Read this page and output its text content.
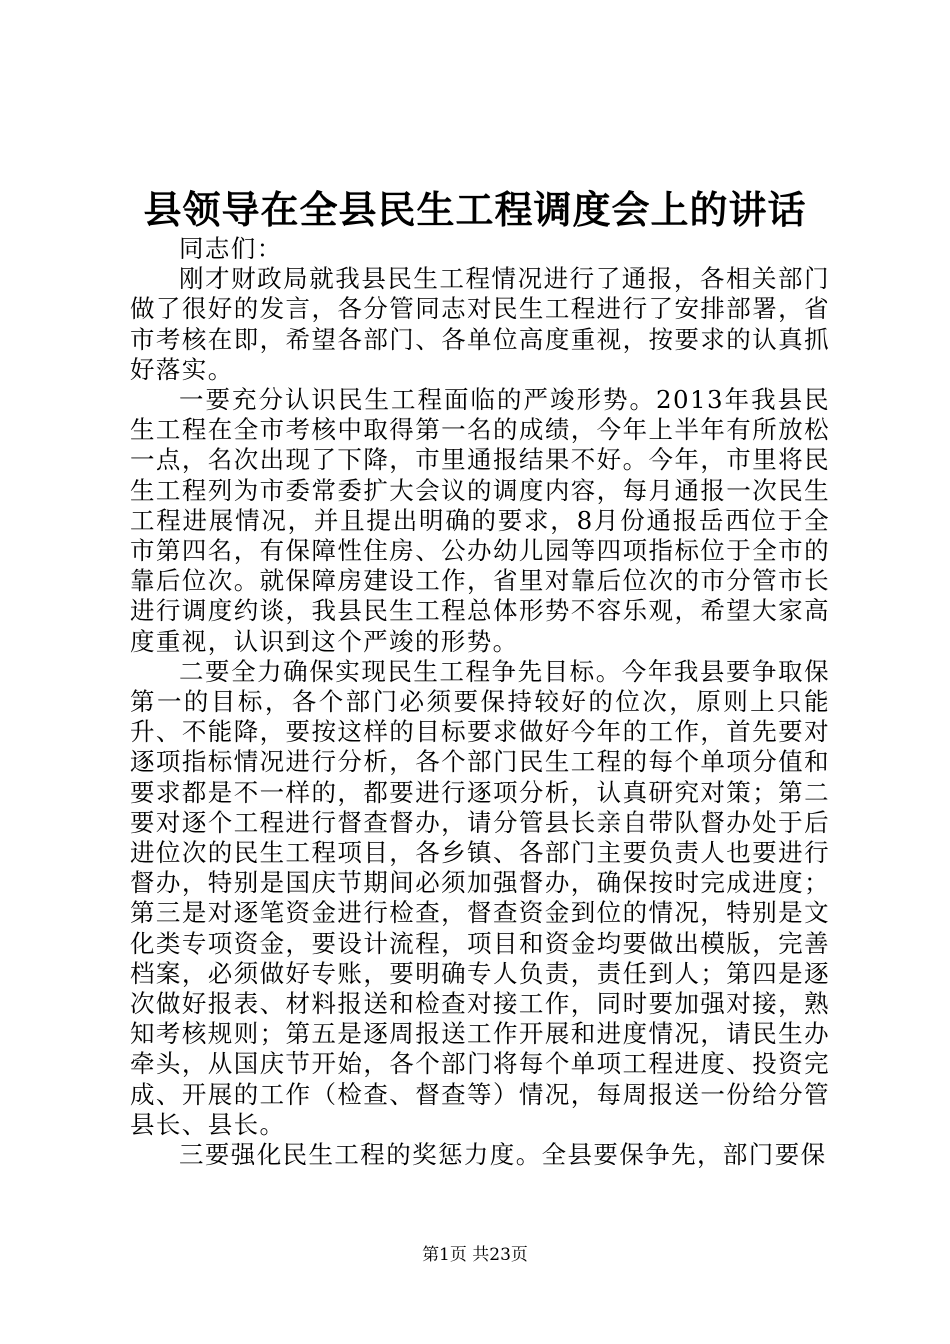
县领导在全县民生工程调度会上的讲话

同志们：

刚才财政局就我县民生工程情况进行了通报，各相关部门做了很好的发言，各分管同志对民生工程进行了安排部署，省市考核在即，希望各部门、各单位高度重视，按要求的认真抓好落实。

一要充分认识民生工程面临的严竣形势。2013年我县民生工程在全市考核中取得第一名的成绩，今年上半年有所放松一点，名次出现了下降，市里通报结果不好。今年，市里将民生工程列为市委常委扩大会议的调度内容，每月通报一次民生工程进展情况，并且提出明确的要求，8月份通报岳西位于全市第四名，有保障性住房、公办幼儿园等四项指标位于全市的靠后位次。就保障房建设工作，省里对靠后位次的市分管市长进行调度约谈，我县民生工程总体形势不容乐观，希望大家高度重视，认识到这个严竣的形势。

二要全力确保实现民生工程争先目标。今年我县要争取保第一的目标，各个部门必须要保持较好的位次，原则上只能升、不能降，要按这样的目标要求做好今年的工作，首先要对逐项指标情况进行分析，各个部门民生工程的每个单项分值和要求都是不一样的，都要进行逐项分析，认真研究对策；第二要对逐个工程进行督查督办，请分管县长亲自带队督办处于后进位次的民生工程项目，各乡镇、各部门主要负责人也要进行督办，特别是国庆节期间必须加强督办，确保按时完成进度；第三是对逐笔资金进行检查，督查资金到位的情况，特别是文化类专项资金，要设计流程，项目和资金均要做出模版，完善档案，必须做好专账，要明确专人负责，责任到人；第四是逐次做好报表、材料报送和检查对接工作，同时要加强对接，熟知考核规则；第五是逐周报送工作开展和进度情况，请民生办牵头，从国庆节开始，各个部门将每个单项工程进度、投资完成、开展的工作（检查、督查等）情况，每周报送一份给分管县长、县长。

三要强化民生工程的奖惩力度。全县要保争先，部门要保

第1页 共23页
